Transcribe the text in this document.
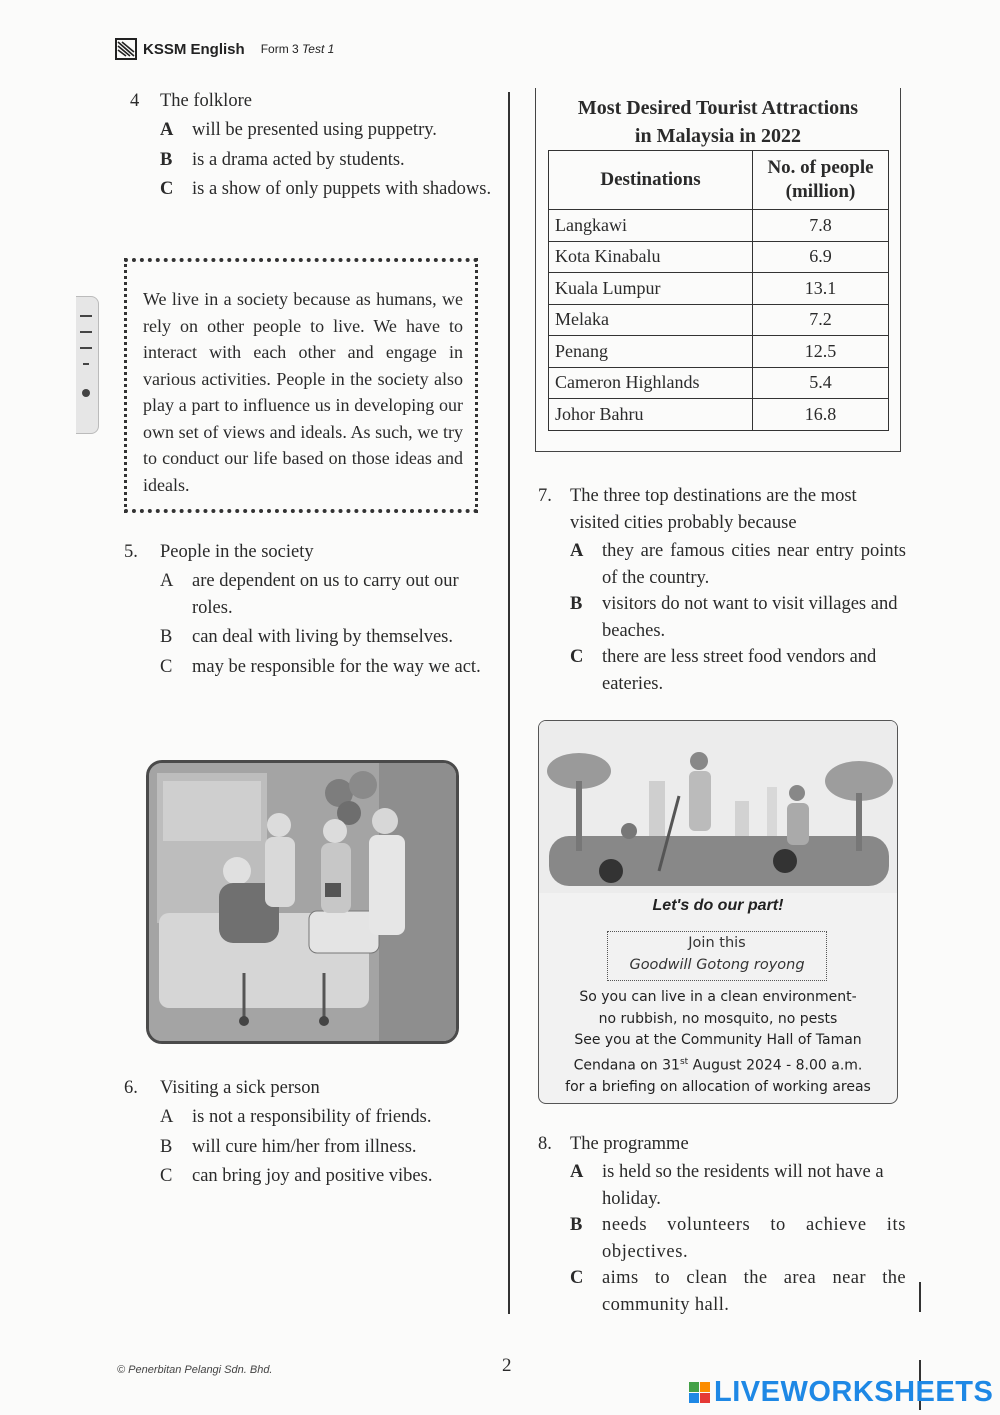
KSSM English Form 3 Test 1
4 The folklore
A	will be presented using puppetry.
B	is a drama acted by students.
C	is a show of only puppets with shadows.
We live in a society because as humans, we rely on other people to live. We have to interact with each other and engage in various activities. People in the society also play a part to influence us in developing our own set of views and ideals. As such, we try to conduct our life based on those ideas and ideals.
5. People in the society
A	are dependent on us to carry out our roles.
B	can deal with living by themselves.
C	may be responsible for the way we act.
6. Visiting a sick person
A	is not a responsibility of friends.
B	will cure him/her from illness.
C	can bring joy and positive vibes.
Most Desired Tourist Attractions
in Malaysia in 2022
Destinations	No. of people
(million)

Langkawi	7.8
Kota Kinabalu	6.9
Kuala Lumpur	13.1
Melaka	7.2
Penang	12.5
Cameron Highlands	5.4
Johor Bahru	16.8
7. The three top destinations are the most visited cities probably because
A	they are famous cities near entry points of the country.
B	visitors do not want to visit villages and beaches.
C	there are less street food vendors and eateries.
Let's do our part!
Join this
Goodwill Gotong royong
So you can live in a clean environment-
no rubbish, no mosquito, no pests
See you at the Community Hall of Taman
Cendana on 31st August 2024 - 8.00 a.m.
for a briefing on allocation of working areas
8. The programme
A	is held so the residents will not have a holiday.
B	needs volunteers to achieve its objectives.
C aims to clean the area near the community hall.
© Penerbitan Pelangi Sdn. Bhd.	2
LIVEWORKSHEETS
